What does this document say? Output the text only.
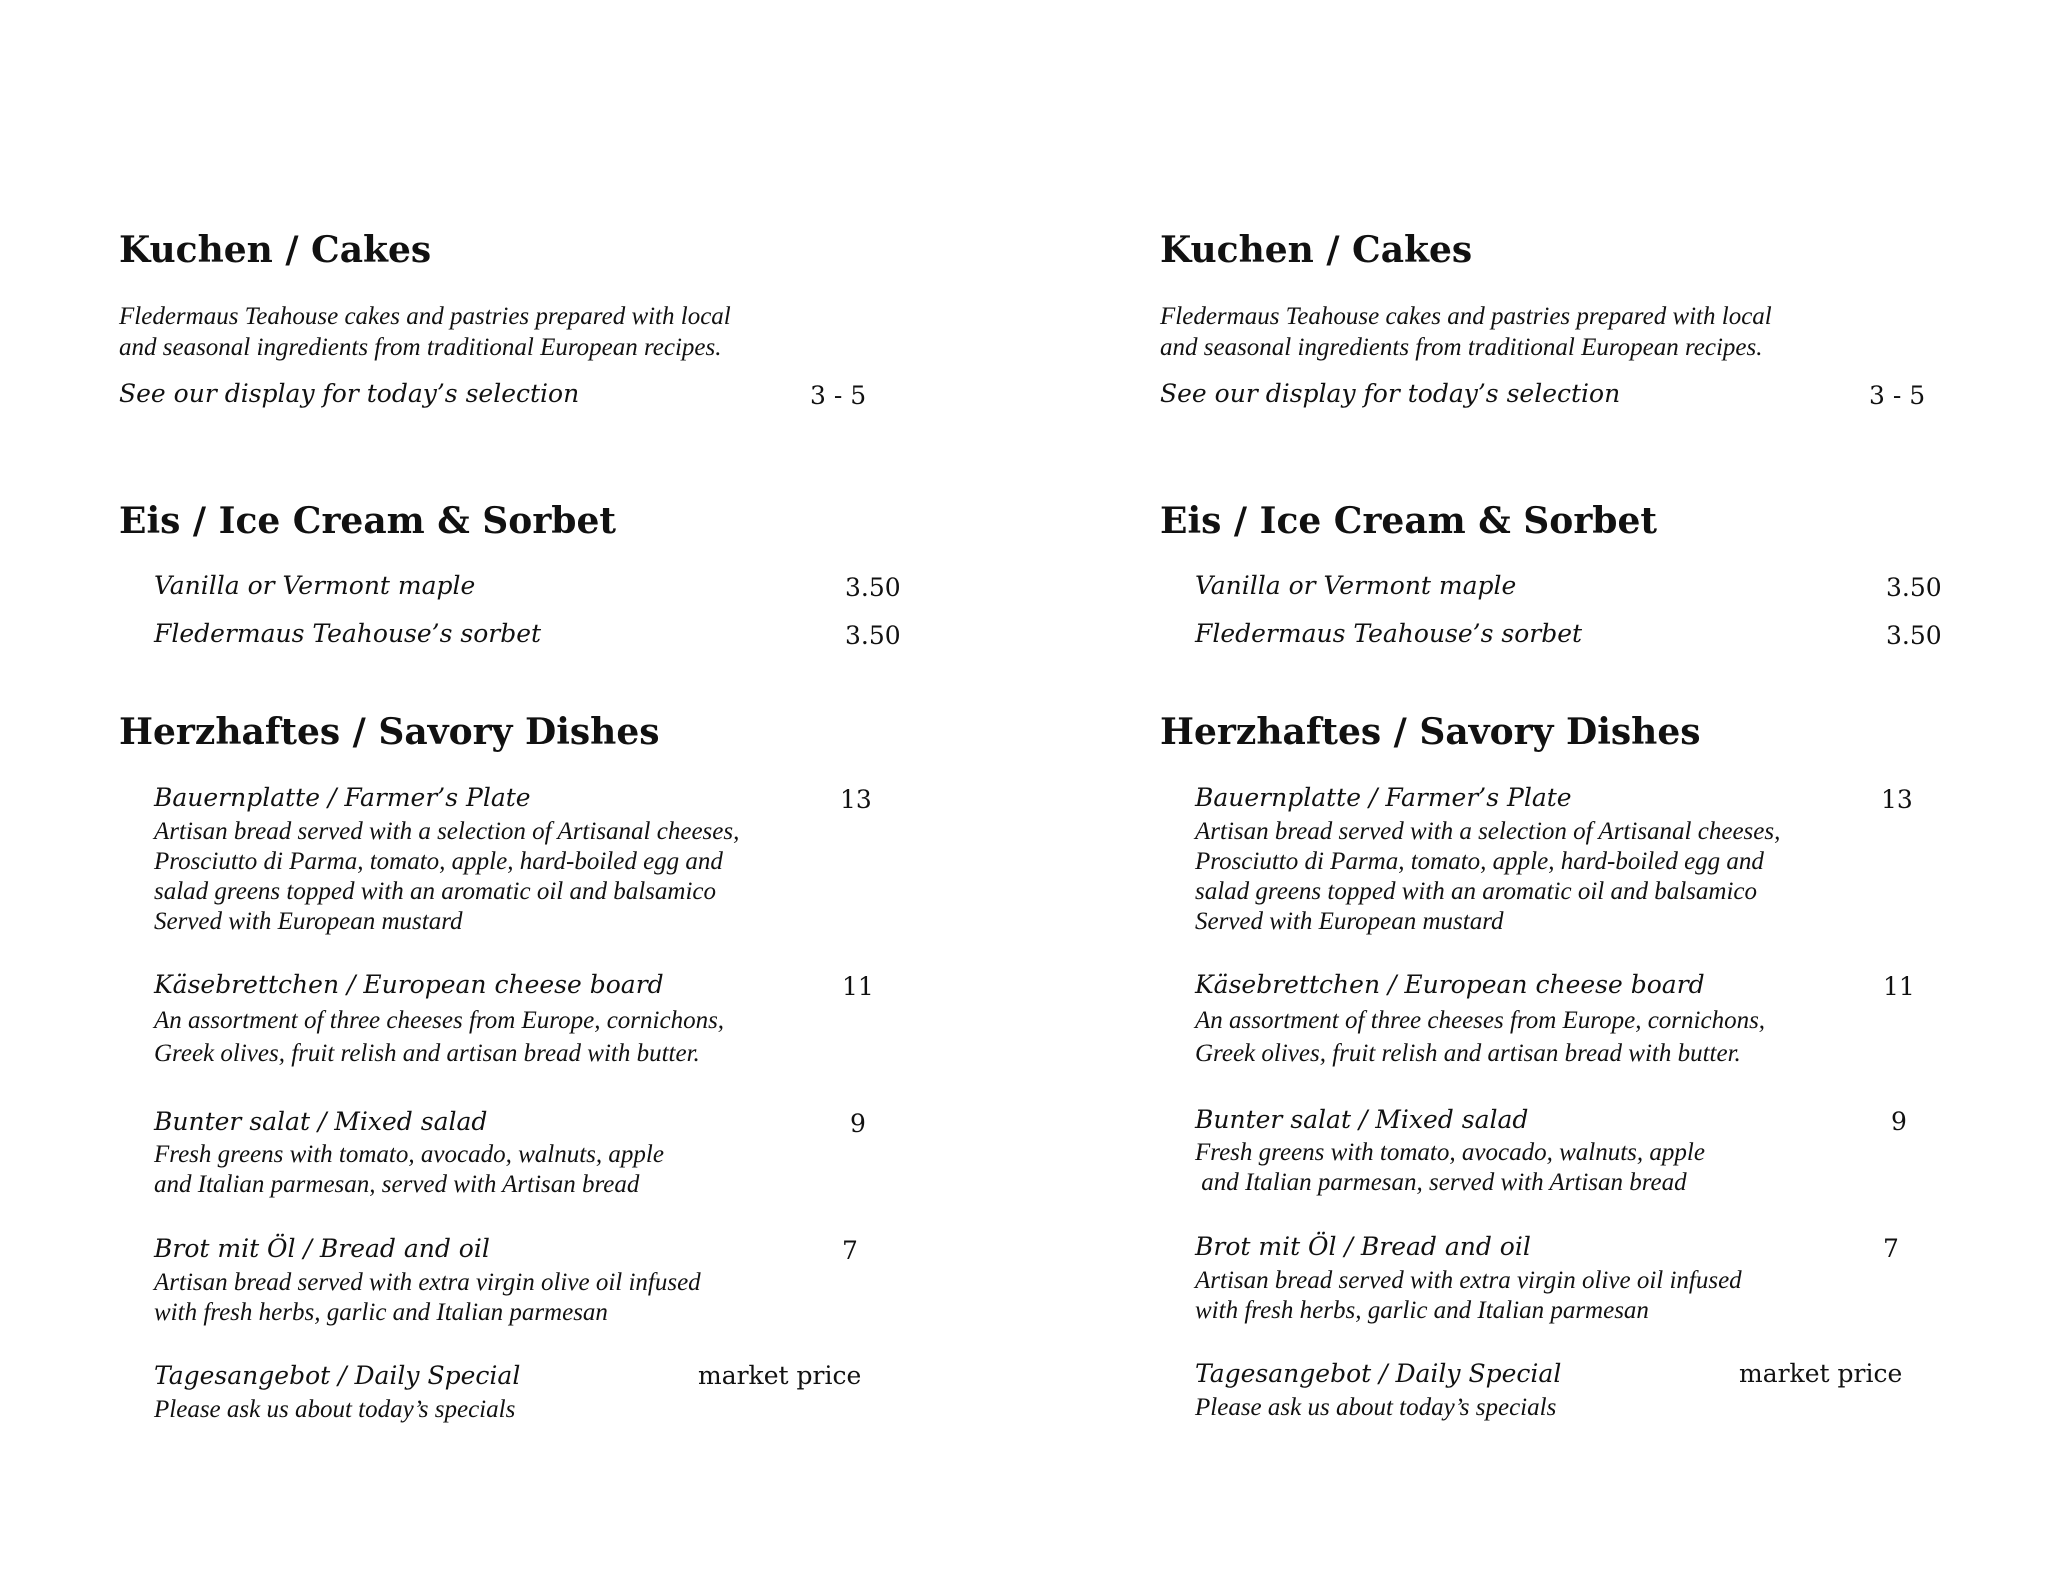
Kuchen / Cakes
Fledermaus Teahouse cakes and pastries prepared with local
and seasonal ingredients from traditional European recipes.
See our display for today’s selection	3 - 5
Eis / Ice Cream & Sorbet
Vanilla or Vermont maple	3.50
Fledermaus Teahouse’s sorbet	3.50
Herzhaftes / Savory Dishes
Bauernplatte / Farmer’s Plate	13
Artisan bread served with a selection of Artisanal cheeses,
Prosciutto di Parma, tomato, apple, hard-boiled egg and
salad greens topped with an aromatic oil and balsamico
Served with European mustard
Käsebrettchen / European cheese board	11
An assortment of three cheeses from Europe, cornichons,
Greek olives, fruit relish and artisan bread with butter.
Bunter salat / Mixed salad	9
Fresh greens with tomato, avocado, walnuts, apple
and Italian parmesan, served with Artisan bread
Brot mit Öl / Bread and oil	7
Artisan bread served with extra virgin olive oil infused
with fresh herbs, garlic and Italian parmesan
Tagesangebot / Daily Special	market price
Please ask us about today’s specials
Kuchen / Cakes
Fledermaus Teahouse cakes and pastries prepared with local
and seasonal ingredients from traditional European recipes.
See our display for today’s selection	3 - 5
Eis / Ice Cream & Sorbet
Vanilla or Vermont maple	3.50
Fledermaus Teahouse’s sorbet	3.50
Herzhaftes / Savory Dishes
Bauernplatte / Farmer’s Plate	13
Artisan bread served with a selection of Artisanal cheeses,
Prosciutto di Parma, tomato, apple, hard-boiled egg and
salad greens topped with an aromatic oil and balsamico
Served with European mustard
Käsebrettchen / European cheese board	11
An assortment of three cheeses from Europe, cornichons,
Greek olives, fruit relish and artisan bread with butter.
Bunter salat / Mixed salad	9
Fresh greens with tomato, avocado, walnuts, apple
and Italian parmesan, served with Artisan bread
Brot mit Öl / Bread and oil	7
Artisan bread served with extra virgin olive oil infused
with fresh herbs, garlic and Italian parmesan
Tagesangebot / Daily Special	market price
Please ask us about today’s specials
